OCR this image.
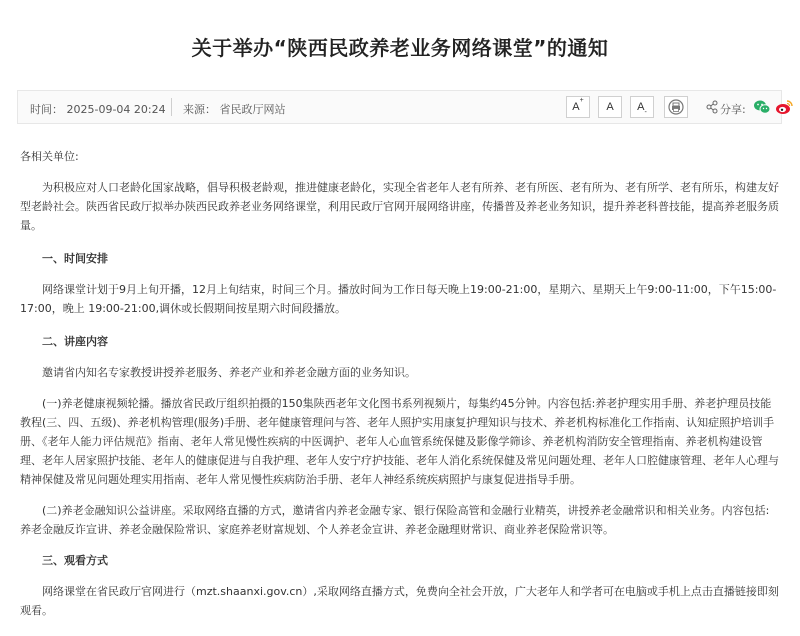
关于举办“陕西民政养老业务网络课堂”的通知
时间： 2025-09-04 20:24 来源： 省民政厅网站	A+
A	A-	分享:

各相关单位:

为积极应对人口老龄化国家战略，倡导积极老龄观，推进健康老龄化，实现全省老年人老有所养、老有所医、老有所为、老有所学、老有所乐，构建友好型老龄社会。陕西省民政厅拟举办陕西民政养老业务网络课堂，利用民政厅官网开展网络讲座，传播普及养老业务知识，提升养老科普技能，提高养老服务质量。

一、时间安排

网络课堂计划于9月上旬开播，12月上旬结束，时间三个月。播放时间为工作日每天晚上19:00-21:00，星期六、星期天上午9:00-11:00，下午15:00-17:00，晚上 19:00-21:00,调休或长假期间按星期六时间段播放。

二、讲座内容

邀请省内知名专家教授讲授养老服务、养老产业和养老金融方面的业务知识。

(一)养老健康视频轮播。播放省民政厅组织拍摄的150集陕西老年文化图书系列视频片，每集约45分钟。内容包括:养老护理实用手册、养老护理员技能教程(三、四、五级)、养老机构管理(服务)手册、老年健康管理问与答、老年人照护实用康复护理知识与技术、养老机构标准化工作指南、认知症照护培训手册、《老年人能力评估规范》指南、老年人常见慢性疾病的中医调护、老年人心血管系统保健及影像学筛诊、养老机构消防安全管理指南、养老机构建设管理、老年人居家照护技能、老年人的健康促进与自我护理、老年人安宁疗护技能、老年人消化系统保健及常见问题处理、老年人口腔健康管理、老年人心理与精神保健及常见问题处理实用指南、老年人常见慢性疾病防治手册、老年人神经系统疾病照护与康复促进指导手册。

(二)养老金融知识公益讲座。采取网络直播的方式，邀请省内养老金融专家、银行保险高管和金融行业精英，讲授养老金融常识和相关业务。内容包括:养老金融反诈宣讲、养老金融保险常识、家庭养老财富规划、个人养老金宣讲、养老金融理财常识、商业养老保险常识等。

三、观看方式

网络课堂在省民政厅官网进行（mzt.shaanxi.gov.cn）,采取网络直播方式，免费向全社会开放，广大老年人和学者可在电脑或手机上点击直播链接即刻观看。
